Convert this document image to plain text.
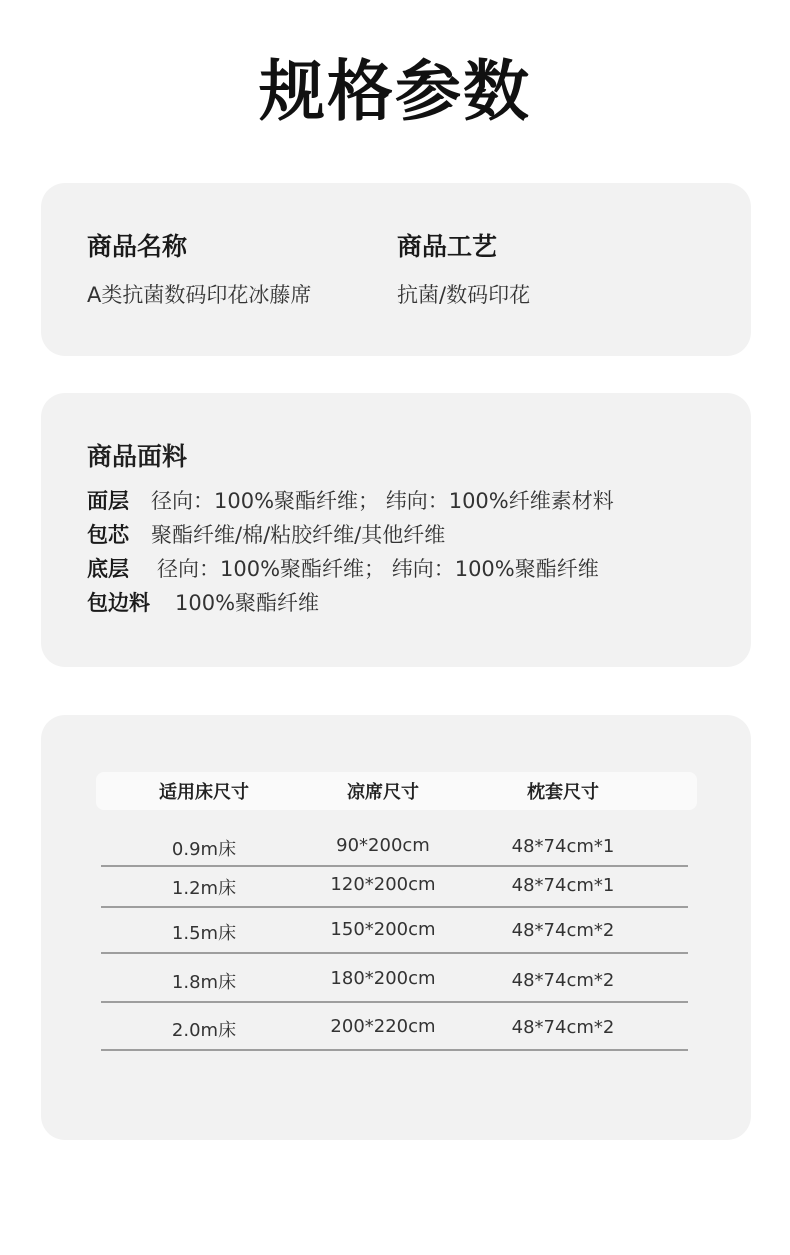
规格参数
商品名称
A类抗菌数码印花冰藤席
商品工艺
抗菌/数码印花
商品面料
面层 径向：100%聚酯纤维； 纬向：100%纤维素材料
包芯 聚酯纤维/棉/粘胶纤维/其他纤维
底层 径向：100%聚酯纤维； 纬向：100%聚酯纤维
包边料 100%聚酯纤维
适用床尺寸	凉席尺寸	枕套尺寸
0.9m床	90*200cm	48*74cm*1
1.2m床	120*200cm	48*74cm*1
1.5m床	150*200cm	48*74cm*2
1.8m床	180*200cm	48*74cm*2
2.0m床	200*220cm	48*74cm*2
